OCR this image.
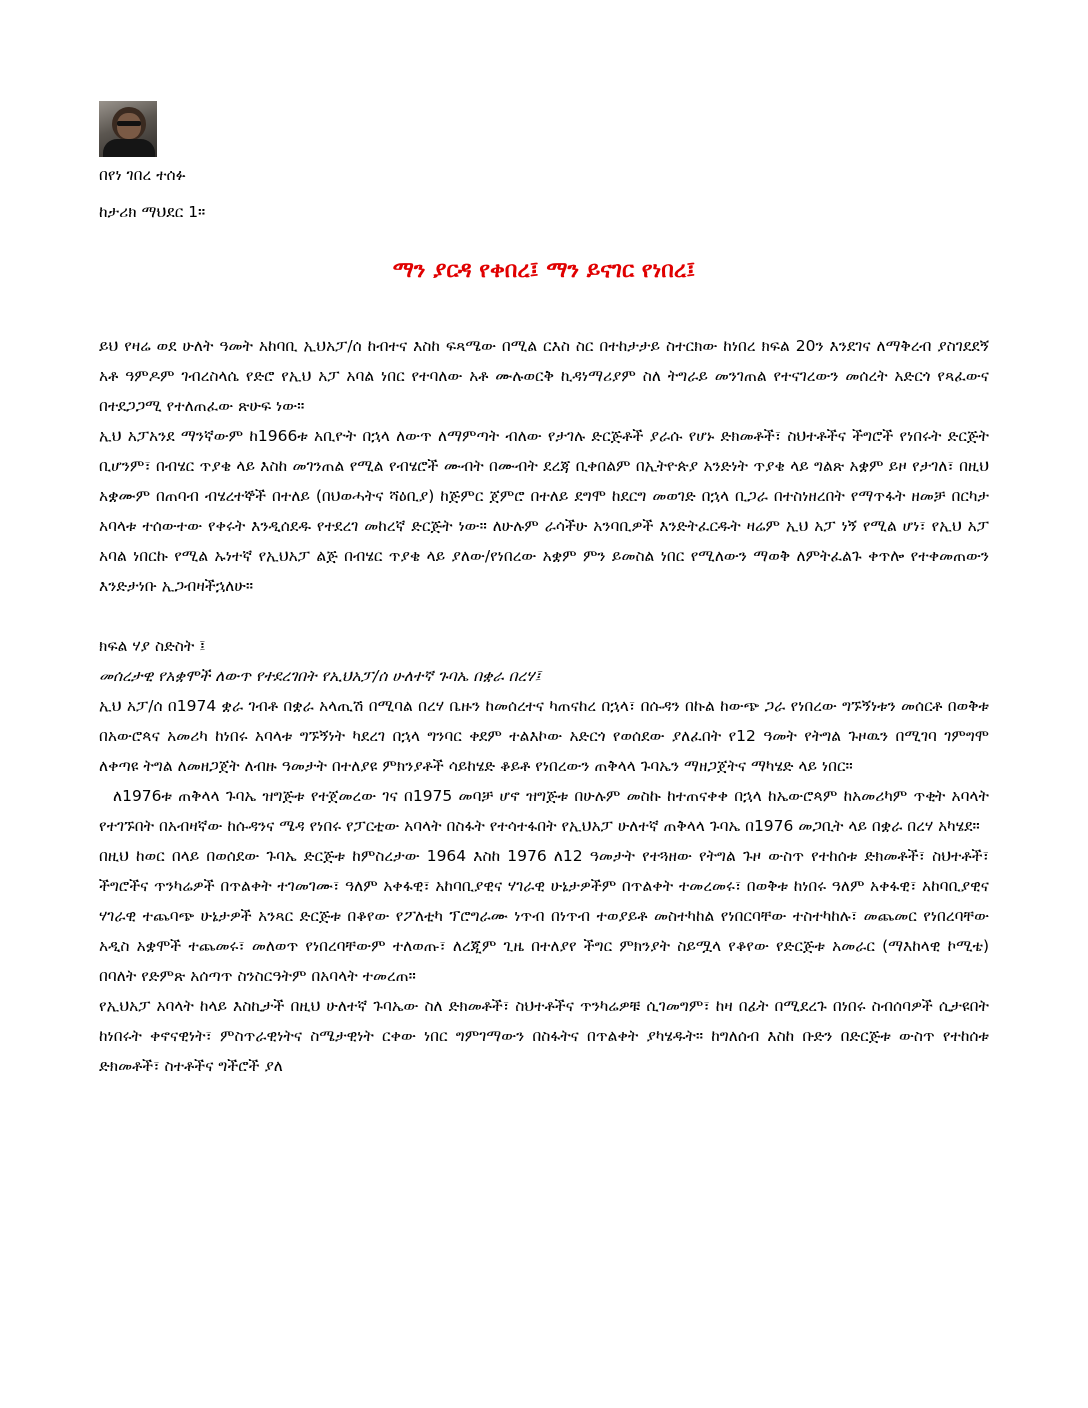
በየነ ገበረ ተሰፉ

ከታሪክ ማህደር 1።

ማን ያርዳ የቀበረ፤ ማን ይናገር የነበረ፤

ይህ የዛሬ ወደ ሁለት ዓመት አከባቢ ኢህአፓ/ሰ ከብተና እስከ ፍጻሜው በሚል ርእስ ስር በተከታታይ ስተርክው ከነበረ ክፍል 20ን እንደገና ለማቅረብ ያስገደደኝ አቶ ዓምዶም ገብረስላሴ የድሮ የኢህ አፓ አባል ነበር የተባለው አቶ ሙሉወርቅ ኪዳነማሪያም ስለ ትግራይ መንገጠል የተናገረውን መሰረት አድርጎ የጻፈውና በተደጋጋሚ የተለጠፈው ጽሁፍ ነው።

ኢህ አፓአንደ ማንኛውም ከ1966ቱ አቢዮት በኋላ ለውጥ ለማምጣት ብለው የታገሉ ድርጅቶች ያራሱ የሆኑ ድክመቶች፣ ስህተቶችና ችግሮች የነበሩት ድርጅት ቢሆንም፣ በብሄር ጥያቄ ላይ እስከ መገንጠል የሚል የብሄሮች ሙብት በሙብት ደረጃ ቢቀበልም በኢትዮጵያ አንድነት ጥያቄ ላይ ግልጽ አቋም ይዞ የታገለ፣ በዚህ አቋሙም በጠባብ ብሄረተኞች በተለይ (በህወሓትና ሻዕቢያ) ከጅምር ጀምሮ በተለይ ደግሞ ከደርግ መወገድ በኋላ ቢጋራ በተስነዘረበት የማጥፋት ዘመቻ በርካታ አባላቱ ተሰውተው የቀሩት እንዲሰደዱ የተደረገ መከረኛ ድርጅት ነው። ለሁሉም ራሳችሁ አንባቢዎች እንድትፈርዱት ዛሬም ኢህ አፓ ነኝ የሚል ሆነ፣ የኢህ አፓ አባል ነበርኩ የሚል ኡነተኛ የኢህአፓ ልጅ በብሄር ጥያቄ ላይ ያለው/የነበረው አቋም ምን ይመስል ነበር የሚለውን ማወቅ ለምትፈልጉ ቀጥሎ የተቀመጠውን እንድታነቡ ኢጋብዛችኋለሁ።

ክፍል ሃያ ስድስት ፤

መሰረታዊ የአቋሞች ለውጥ የተደረገበት የኢህአፓ/ሰ ሁለተኛ ጉባኤ በቋራ በረሃ፤

ኢህ አፓ/ሰ በ1974 ቋራ ገብቶ በቋራ አላጢሽ በሚባል በረሃ ቤዙን ከመሰረተና ካጠናከረ በኋላ፣ በሱዳን በኩል ከውጭ ጋራ የነበረው ግኙኝነቱን መሰርቶ በወቅቱ በአውሮጳና አመሪካ ከነበሩ አባላቱ ግኙኝነት ካደረገ በኋላ ግንባር ቀደም ተልእኮው አድርጎ የወሰደው ያለፈበት የ12 ዓመት የትግል ጉዞዉን በሚገባ ገምግሞ ለቀጣዩ ትግል ለመዘጋጀት ለብዙ ዓመታት በተለያዩ ምክንያቶች ሳይከሄድ ቆይቶ የነበረውን ጠቅላላ ጉባኤን ማዘጋጀትና ማካሄድ ላይ ነበር።

ለ1976ቱ ጠቅላላ ጉባኤ ዝግጅቱ የተጀመረው ገና በ1975 መባቻ ሆኖ ዝግጅቱ በሁሉም መስኩ ከተጠናቀቀ በኋላ ከኤውሮጳም ከአመሪካም ጥቂት አባላት የተገኙበት በአብዛኛው ከሱዳንና ሜዳ የነበሩ የፓርቲው አባላት በስፋት የተሳተፋበት የኢህአፓ ሁለተኛ ጠቅላላ ጉባኤ በ1976 መጋቢት ላይ በቋራ በረሃ አካሄደ።

በዚህ ከወር በላይ በወሰደው ጉባኤ ድርጅቱ ከምስረታው 1964 እስከ 1976 ለ12 ዓመታት የተጓዘው የትግል ጉዞ ውስጥ የተከሰቱ ድክመቶች፣ ስህተቶች፣ ችግሮችና ጥንካሬዎች በጥልቀት ተገመገሙ፣ ዓለም አቀፋዊ፣ አከባቢያዊና ሃገራዊ ሁኔታዎችም በጥልቀት ተመረመሩ፣ በወቅቱ ከነበሩ ዓለም አቀፋዊ፣ አከባቢያዊና ሃገራዊ ተጨባጭ ሁኔታዎች አንጻር ድርጅቱ በቆየው የፖለቲካ ፕሮግራሙ ነጥብ በነጥብ ተወያይቶ መስተካከል የነበርባቸው ተስተካከሉ፣ መጨመር የነበረባቸው አዲስ አቋሞች ተጨመሩ፣ መለወጥ የነበረባቸውም ተለወጡ፣ ለረጂም ጊዜ በተለያየ ችግር ምክንያት ስይሟላ የቆየው የድርጅቱ አመራር (ማእከላዊ ኮሚቴ) በባለት የድምጽ አሰጣጥ ስንስርዓትም በአባላት ተመረጠ።

የኢህአፓ አባላት ከላይ እስኪታች በዚህ ሁለተኛ ጉባኤው ስለ ድክመቶች፣ ስህተቶችና ጥንካሬዎቹ ሲገመግም፣ ከዛ በፊት በሚደረጉ በነበሩ ስብሰባዎች ሲታዩበት ከነበሩት ቀኖናዊነት፣ ምስጥራዊነትና ስሜታዊነት ርቀው ነበር ግምገማውን በስፋትና በጥልቀት ያካሄዱት። ከግለሰብ እስከ ቡድን በድርጅቱ ውስጥ የተከሰቱ ድክመቶች፣ ስተቶችና ግችሮች ያለ
